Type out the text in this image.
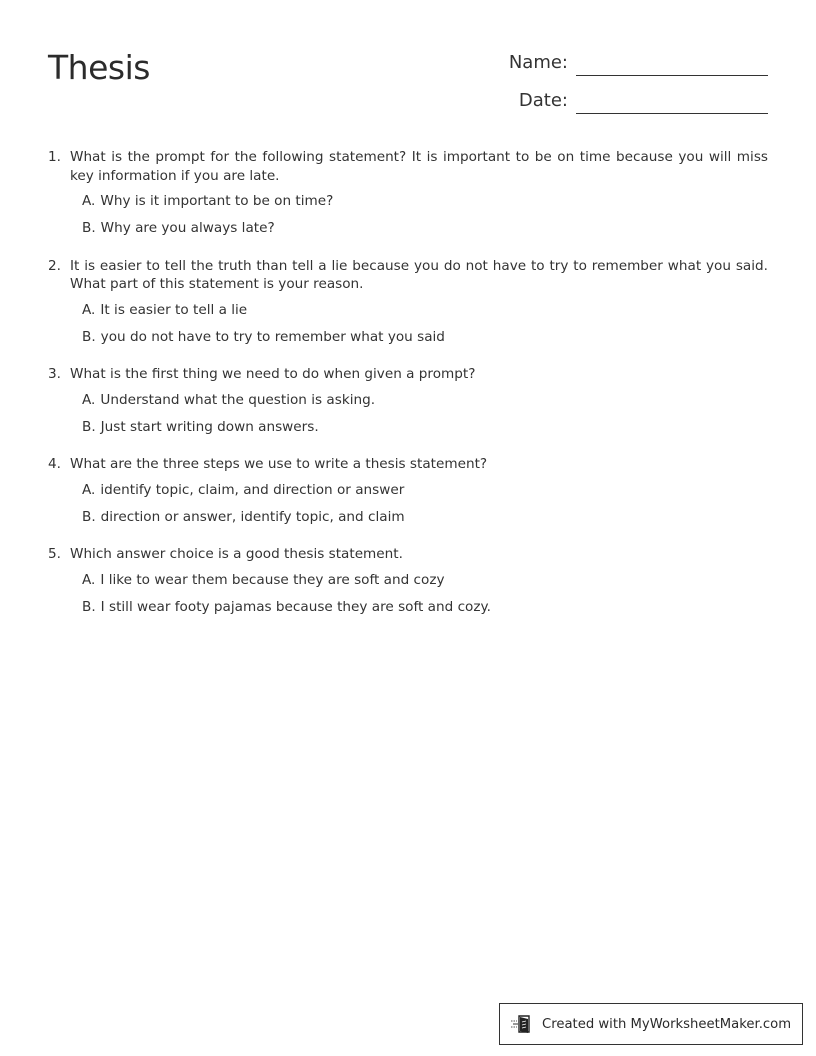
Thesis	Name:
Date:
1. What is the prompt for the following statement? It is important to be on time because you will miss key information if you are late.
A. Why is it important to be on time?
B. Why are you always late?
2. It is easier to tell the truth than tell a lie because you do not have to try to remember what you said. What part of this statement is your reason.
A. It is easier to tell a lie
B. you do not have to try to remember what you said
3. What is the first thing we need to do when given a prompt?
A. Understand what the question is asking.
B. Just start writing down answers.
4. What are the three steps we use to write a thesis statement?
A. identify topic, claim, and direction or answer
B. direction or answer, identify topic, and claim
5. Which answer choice is a good thesis statement.
A. I like to wear them because they are soft and cozy
B. I still wear footy pajamas because they are soft and cozy.
Created with MyWorksheetMaker.com
